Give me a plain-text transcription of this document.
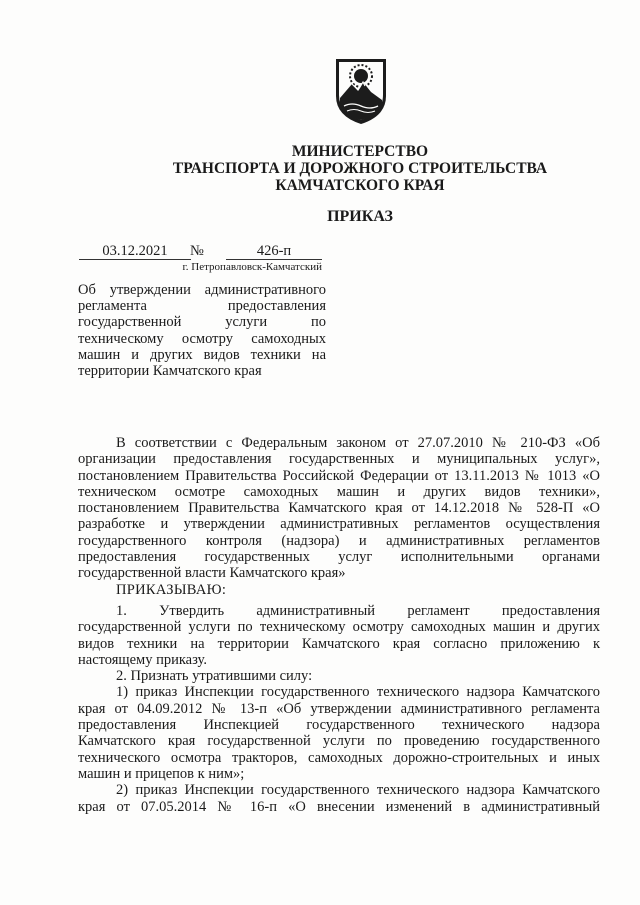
МИНИСТЕРСТВО
ТРАНСПОРТА И ДОРОЖНОГО СТРОИТЕЛЬСТВА
КАМЧАТСКОГО КРАЯ
ПРИКАЗ
03.12.2021	№	426-п
г. Петропавловск-Камчатский
Об утверждении административного
регламента предоставления
государственной услуги по
техническому осмотру самоходных
машин и других видов техники на
территории Камчатского края
В соответствии с Федеральным законом от 27.07.2010 № 210-ФЗ «Об
организации предоставления государственных и муниципальных услуг»,
постановлением Правительства Российской Федерации от 13.11.2013 № 1013 «О
техническом осмотре самоходных машин и других видов техники»,
постановлением Правительства Камчатского края от 14.12.2018 № 528-П «О
разработке и утверждении административных регламентов осуществления
государственного контроля (надзора) и административных регламентов
предоставления государственных услуг исполнительными органами
государственной власти Камчатского края»
ПРИКАЗЫВАЮ:
1. Утвердить административный регламент предоставления
государственной услуги по техническому осмотру самоходных машин и других
видов техники на территории Камчатского края согласно приложению к
настоящему приказу.
2. Признать утратившими силу:
1) приказ Инспекции государственного технического надзора Камчатского
края от 04.09.2012 № 13-п «Об утверждении административного регламента
предоставления Инспекцией государственного технического надзора
Камчатского края государственной услуги по проведению государственного
технического осмотра тракторов, самоходных дорожно-строительных и иных
машин и прицепов к ним»;
2) приказ Инспекции государственного технического надзора Камчатского
края от 07.05.2014 № 16-п «О внесении изменений в административный
